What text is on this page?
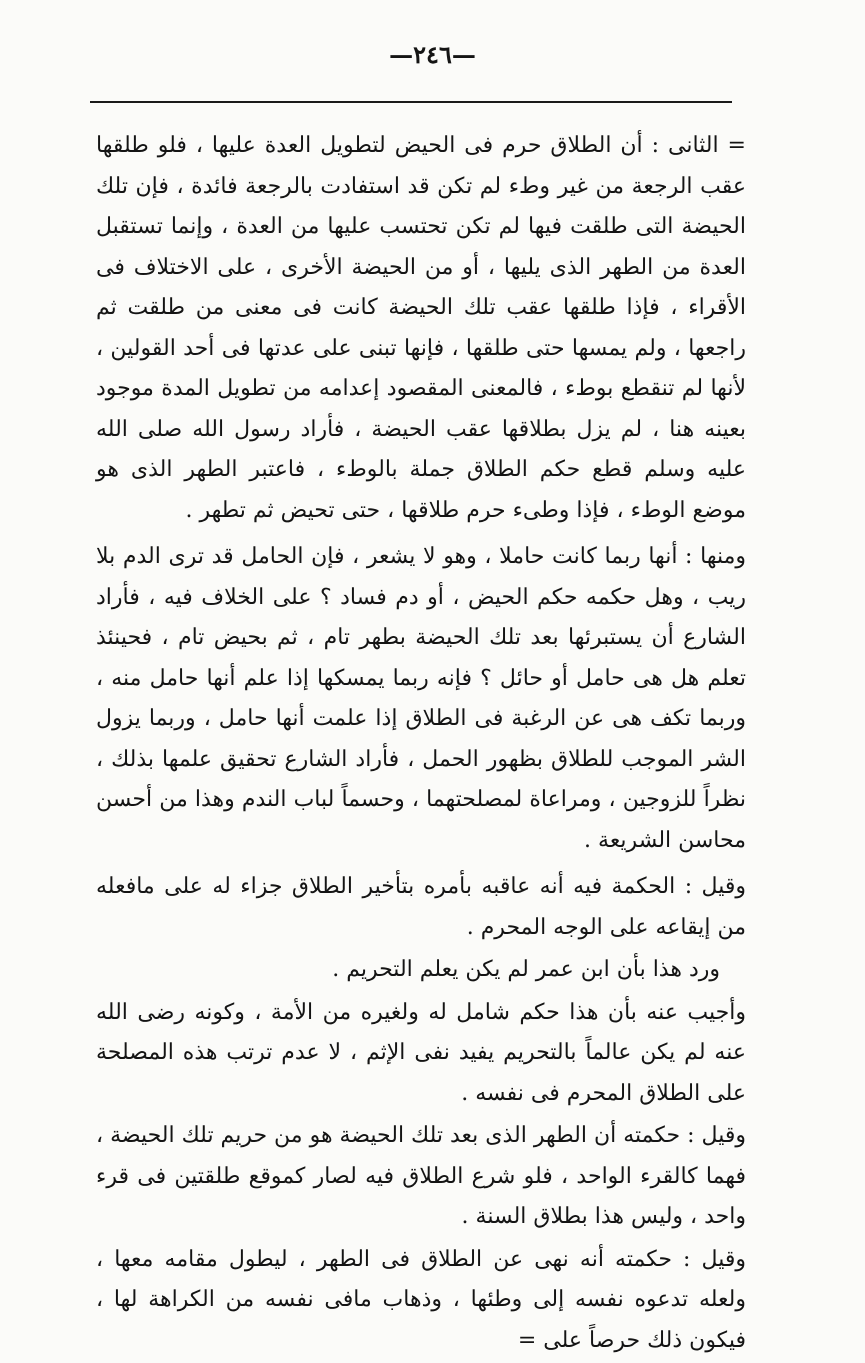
—٢٤٦—

= الثانى : أن الطلاق حرم فى الحيض لتطويل العدة عليها ، فلو طلقها عقب الرجعة من غير وطء لم تكن قد استفادت بالرجعة فائدة ، فإن تلك الحيضة التى طلقت فيها لم تكن تحتسب عليها من العدة ، وإنما تستقبل العدة من الطهر الذى يليها ، أو من الحيضة الأخرى ، على الاختلاف فى الأقراء ، فإذا طلقها عقب تلك الحيضة كانت فى معنى من طلقت ثم راجعها ، ولم يمسها حتى طلقها ، فإنها تبنى على عدتها فى أحد القولين ، لأنها لم تنقطع بوطء ، فالمعنى المقصود إعدامه من تطويل المدة موجود بعينه هنا ، لم يزل بطلاقها عقب الحيضة ، فأراد رسول الله صلى الله عليه وسلم قطع حكم الطلاق جملة بالوطء ، فاعتبر الطهر الذى هو موضع الوطء ، فإذا وطىء حرم طلاقها ، حتى تحيض ثم تطهر .

ومنها : أنها ربما كانت حاملا ، وهو لا يشعر ، فإن الحامل قد ترى الدم بلا ريب ، وهل حكمه حكم الحيض ، أو دم فساد ؟ على الخلاف فيه ، فأراد الشارع أن يستبرئها بعد تلك الحيضة بطهر تام ، ثم بحيض تام ، فحينئذ تعلم هل هى حامل أو حائل ؟ فإنه ربما يمسكها إذا علم أنها حامل منه ، وربما تكف هى عن الرغبة فى الطلاق إذا علمت أنها حامل ، وربما يزول الشر الموجب للطلاق بظهور الحمل ، فأراد الشارع تحقيق علمها بذلك ، نظراً للزوجين ، ومراعاة لمصلحتهما ، وحسماً لباب الندم وهذا من أحسن محاسن الشريعة .

وقيل : الحكمة فيه أنه عاقبه بأمره بتأخير الطلاق جزاء له على مافعله من إيقاعه على الوجه المحرم .

ورد هذا بأن ابن عمر لم يكن يعلم التحريم .

وأجيب عنه بأن هذا حكم شامل له ولغيره من الأمة ، وكونه رضى الله عنه لم يكن عالماً بالتحريم يفيد نفى الإثم ، لا عدم ترتب هذه المصلحة على الطلاق المحرم فى نفسه .

وقيل : حكمته أن الطهر الذى بعد تلك الحيضة هو من حريم تلك الحيضة ، فهما كالقرء الواحد ، فلو شرع الطلاق فيه لصار كموقع طلقتين فى قرء واحد ، وليس هذا بطلاق السنة .

وقيل : حكمته أنه نهى عن الطلاق فى الطهر ، ليطول مقامه معها ، ولعله تدعوه نفسه إلى وطئها ، وذهاب مافى نفسه من الكراهة لها ، فيكون ذلك حرصاً على =
